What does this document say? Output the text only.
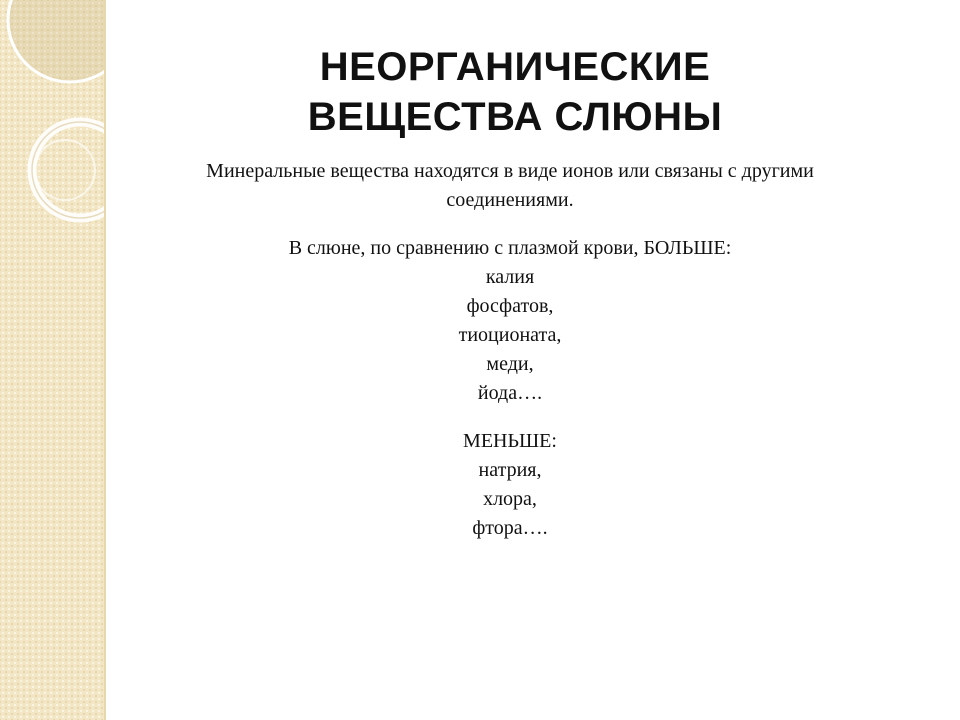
НЕОРГАНИЧЕСКИЕ
ВЕЩЕСТВА СЛЮНЫ
Минеральные вещества находятся в виде ионов или связаны с другими
соединениями.
В слюне, по сравнению с плазмой крови, БОЛЬШЕ:
калия
фосфатов,
тиоционата,
меди,
йода….
МЕНЬШЕ:
натрия,
хлора,
фтора….
